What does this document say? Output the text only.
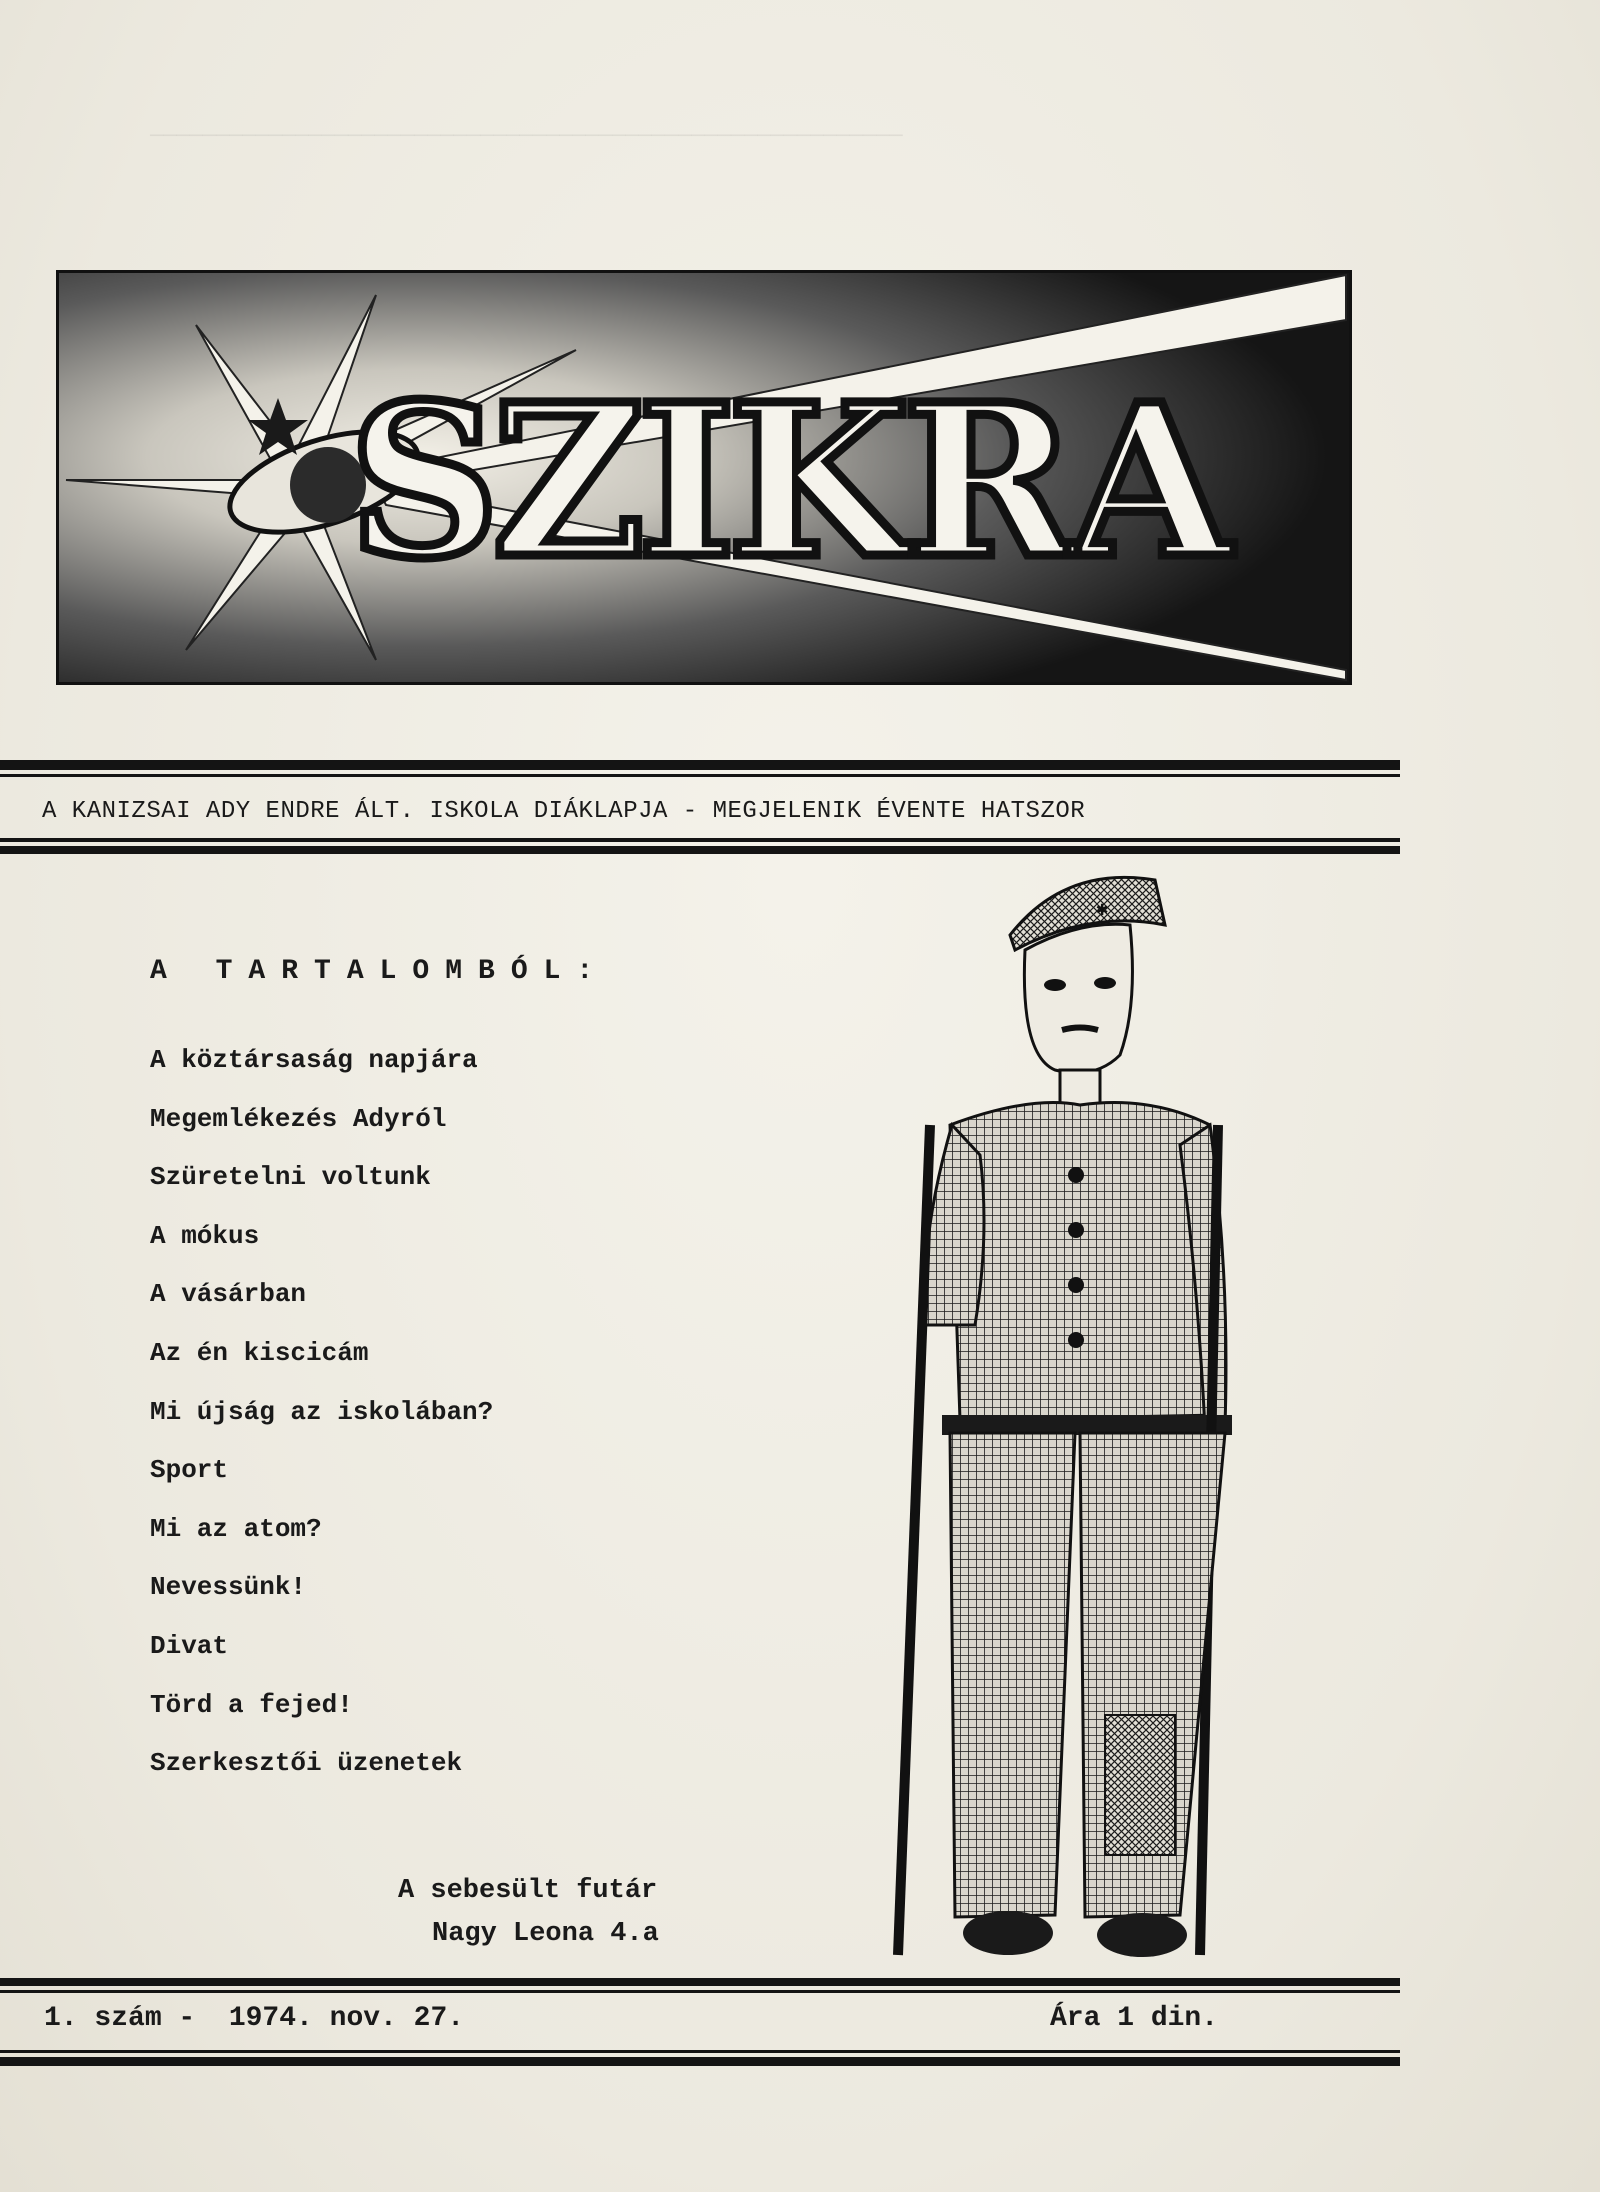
─────────────────────────────────────────────────────────

SZIKRA
A KANIZSAI ADY ENDRE ÁLT. ISKOLA DIÁKLAPJA - MEGJELENIK ÉVENTE HATSZOR
A TARTALOMBÓL:
A köztársaság napjára
Megemlékezés Adyról
Szüretelni voltunk
A mókus
A vásárban
Az én kiscicám
Mi újság az iskolában?
Sport
Mi az atom?
Nevessünk!
Divat
Törd a fejed!
Szerkesztői üzenetek
✱
A sebesült futár
Nagy Leona 4.a
1. szám -  1974. nov. 27.	Ára 1 din.
